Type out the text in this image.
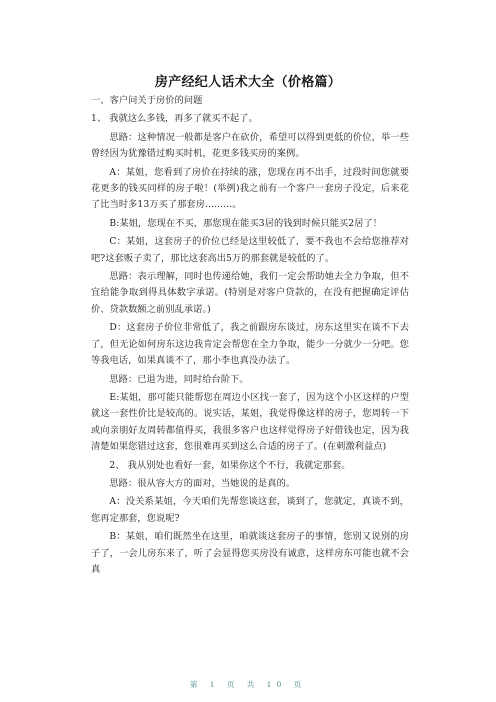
房产经纪人话术大全（价格篇）

一、客户问关于房价的问题

1、 我就这么多钱，再多了就买不起了。

思路：这种情况一般都是客户在砍价，希望可以得到更低的价位，举一些曾经因为犹豫错过购买时机，花更多钱买房的案例。

A：某姐，您看到了房价在持续的涨，您现在再不出手，过段时间您就要花更多的钱买同样的房子啦！(举例)我之前有一个客户一套房子没定，后来花了比当时多13万买了那套房.........。

B:某姐，您现在不买，那您现在能买3居的钱到时候只能买2居了！

C：某姐，这套房子的价位已经是这里较低了，要不我也不会给您推荐对吧?这套贩子卖了，那比这套高出5万的那套就是较低的了。

思路：表示理解，同时也传递给她，我们一定会帮助她去全力争取，但不宜给能争取到得具体数字承诺。(特别是对客户贷款的，在没有把握确定评估价、贷款数额之前别乱承诺。)

D：这套房子价位非常低了，我之前跟房东谈过，房东这里实在谈不下去了，但无论如何房东这边我肯定会帮您在全力争取，能少一分就少一分吧。您等我电话，如果真谈不了，那小李也真没办法了。

思路：已退为进，同时给台阶下。

E:某姐，那可能只能帮您在周边小区找一套了，因为这个小区这样的户型就这一套性价比是较高的。说实话，某姐，我觉得像这样的房子，您周转一下或向亲朋好友周转都值得买，我很多客户也这样觉得房子好借钱也定，因为我清楚如果您错过这套，您很难再买到这么合适的房子了。(在刺激利益点)

2、 我从别处也看好一套，如果你这个不行，我就定那套。

思路：很从容大方的面对，当她说的是真的。

A：没关系某姐，今天咱们先帮您谈这套，谈到了，您就定，真谈不到，您再定那套，您说呢?

B：某姐，咱们既然坐在这里，咱就谈这套房子的事情，您别又说别的房子了，一会儿房东来了，听了会显得您买房没有诚意，这样房东可能也就不会真

第 1 页 共 10 页
